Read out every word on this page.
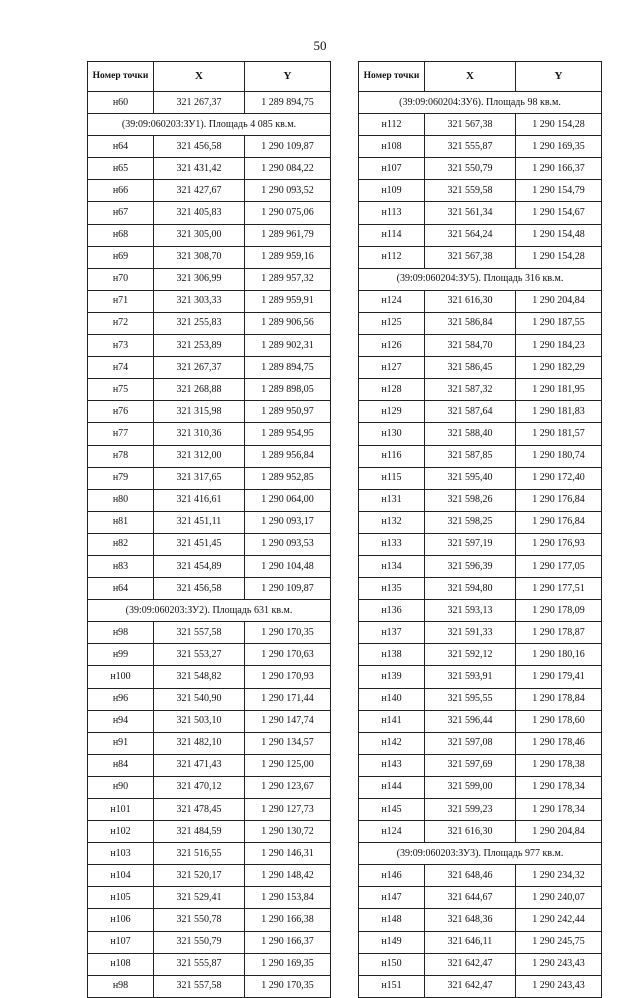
50
Номер точки	X	Y
н60	321 267,37	1 289 894,75
(39:09:060203:ЗУ1). Площадь 4 085 кв.м.		
н64	321 456,58	1 290 109,87
н65	321 431,42	1 290 084,22
н66	321 427,67	1 290 093,52
н67	321 405,83	1 290 075,06
н68	321 305,00	1 289 961,79
н69	321 308,70	1 289 959,16
н70	321 306,99	1 289 957,32
н71	321 303,33	1 289 959,91
н72	321 255,83	1 289 906,56
н73	321 253,89	1 289 902,31
н74	321 267,37	1 289 894,75
н75	321 268,88	1 289 898,05
н76	321 315,98	1 289 950,97
н77	321 310,36	1 289 954,95
н78	321 312,00	1 289 956,84
н79	321 317,65	1 289 952,85
н80	321 416,61	1 290 064,00
н81	321 451,11	1 290 093,17
н82	321 451,45	1 290 093,53
н83	321 454,89	1 290 104,48
н64	321 456,58	1 290 109,87
(39:09:060203:ЗУ2). Площадь 631 кв.м.		
н98	321 557,58	1 290 170,35
н99	321 553,27	1 290 170,63
н100	321 548,82	1 290 170,93
н96	321 540,90	1 290 171,44
н94	321 503,10	1 290 147,74
н91	321 482,10	1 290 134,57
н84	321 471,43	1 290 125,00
н90	321 470,12	1 290 123,67
н101	321 478,45	1 290 127,73
н102	321 484,59	1 290 130,72
н103	321 516,55	1 290 146,31
н104	321 520,17	1 290 148,42
н105	321 529,41	1 290 153,84
н106	321 550,78	1 290 166,38
н107	321 550,79	1 290 166,37
н108	321 555,87	1 290 169,35
н98	321 557,58	1 290 170,35
Номер точки	X	Y
(39:09:060204:ЗУ6). Площадь 98 кв.м.		
н112	321 567,38	1 290 154,28
н108	321 555,87	1 290 169,35
н107	321 550,79	1 290 166,37
н109	321 559,58	1 290 154,79
н113	321 561,34	1 290 154,67
н114	321 564,24	1 290 154,48
н112	321 567,38	1 290 154,28
(39:09:060204:ЗУ5). Площадь 316 кв.м.		
н124	321 616,30	1 290 204,84
н125	321 586,84	1 290 187,55
н126	321 584,70	1 290 184,23
н127	321 586,45	1 290 182,29
н128	321 587,32	1 290 181,95
н129	321 587,64	1 290 181,83
н130	321 588,40	1 290 181,57
н116	321 587,85	1 290 180,74
н115	321 595,40	1 290 172,40
н131	321 598,26	1 290 176,84
н132	321 598,25	1 290 176,84
н133	321 597,19	1 290 176,93
н134	321 596,39	1 290 177,05
н135	321 594,80	1 290 177,51
н136	321 593,13	1 290 178,09
н137	321 591,33	1 290 178,87
н138	321 592,12	1 290 180,16
н139	321 593,91	1 290 179,41
н140	321 595,55	1 290 178,84
н141	321 596,44	1 290 178,60
н142	321 597,08	1 290 178,46
н143	321 597,69	1 290 178,38
н144	321 599,00	1 290 178,34
н145	321 599,23	1 290 178,34
н124	321 616,30	1 290 204,84
(39:09:060203:ЗУ3). Площадь 977 кв.м.		
н146	321 648,46	1 290 234,32
н147	321 644,67	1 290 240,07
н148	321 648,36	1 290 242,44
н149	321 646,11	1 290 245,75
н150	321 642,47	1 290 243,43
н151	321 642,47	1 290 243,43
